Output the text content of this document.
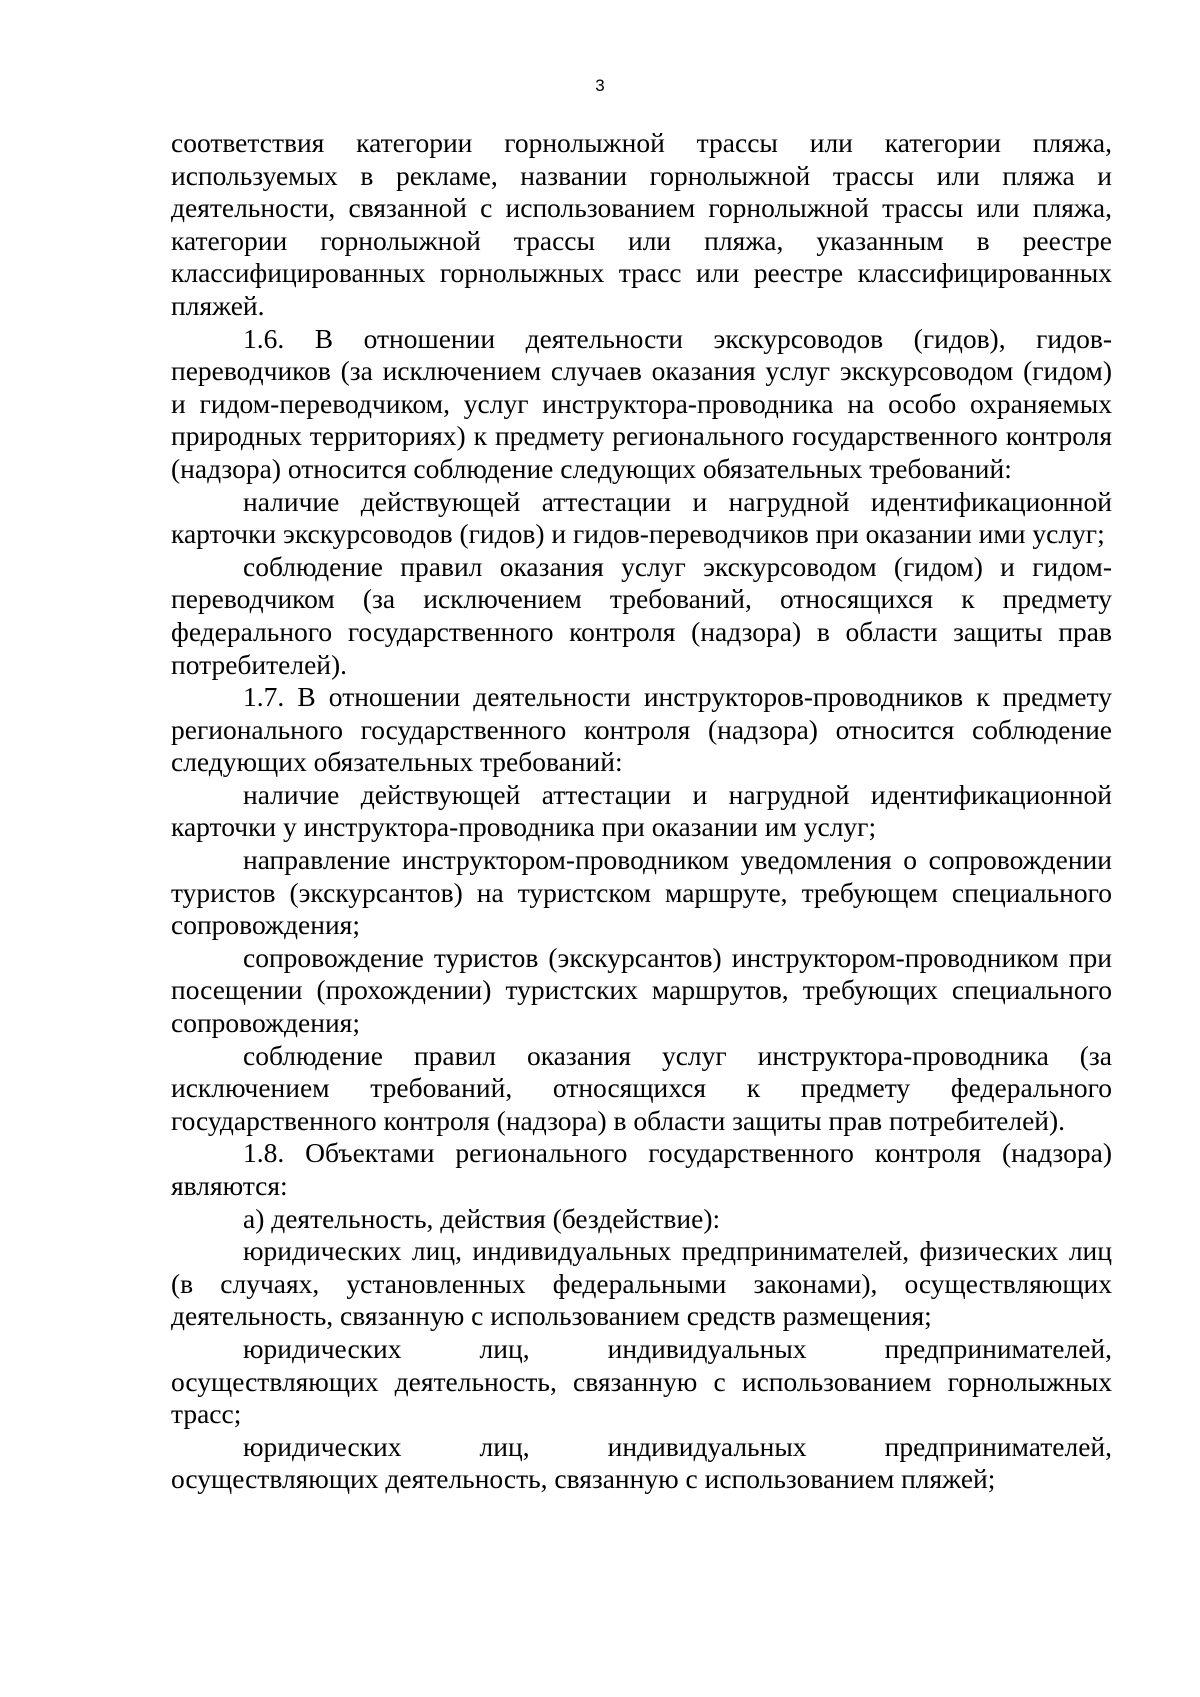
3

соответствия категории горнолыжной трассы или категории пляжа, используемых в рекламе, названии горнолыжной трассы или пляжа и деятельности, связанной с использованием горнолыжной трассы или пляжа, категории горнолыжной трассы или пляжа, указанным в реестре классифицированных горнолыжных трасс или реестре классифицированных пляжей.

1.6. В отношении деятельности экскурсоводов (гидов), гидов-переводчиков (за исключением случаев оказания услуг экскурсоводом (гидом) и гидом-переводчиком, услуг инструктора-проводника на особо охраняемых природных территориях) к предмету регионального государственного контроля (надзора) относится соблюдение следующих обязательных требований:

наличие действующей аттестации и нагрудной идентификационной карточки экскурсоводов (гидов) и гидов-переводчиков при оказании ими услуг;

соблюдение правил оказания услуг экскурсоводом (гидом) и гидом-переводчиком (за исключением требований, относящихся к предмету федерального государственного контроля (надзора) в области защиты прав потребителей).

1.7. В отношении деятельности инструкторов-проводников к предмету регионального государственного контроля (надзора) относится соблюдение следующих обязательных требований:

наличие действующей аттестации и нагрудной идентификационной карточки у инструктора-проводника при оказании им услуг;

направление инструктором-проводником уведомления о сопровождении туристов (экскурсантов) на туристском маршруте, требующем специального сопровождения;

сопровождение туристов (экскурсантов) инструктором-проводником при посещении (прохождении) туристских маршрутов, требующих специального сопровождения;

соблюдение правил оказания услуг инструктора-проводника (за исключением требований, относящихся к предмету федерального государственного контроля (надзора) в области защиты прав потребителей).

1.8. Объектами регионального государственного контроля (надзора) являются:

а) деятельность, действия (бездействие):

юридических лиц, индивидуальных предпринимателей, физических лиц (в случаях, установленных федеральными законами), осуществляющих деятельность, связанную с использованием средств размещения;

юридических лиц, индивидуальных предпринимателей, осуществляющих деятельность, связанную с использованием горнолыжных трасс;

юридических лиц, индивидуальных предпринимателей, осуществляющих деятельность, связанную с использованием пляжей;
